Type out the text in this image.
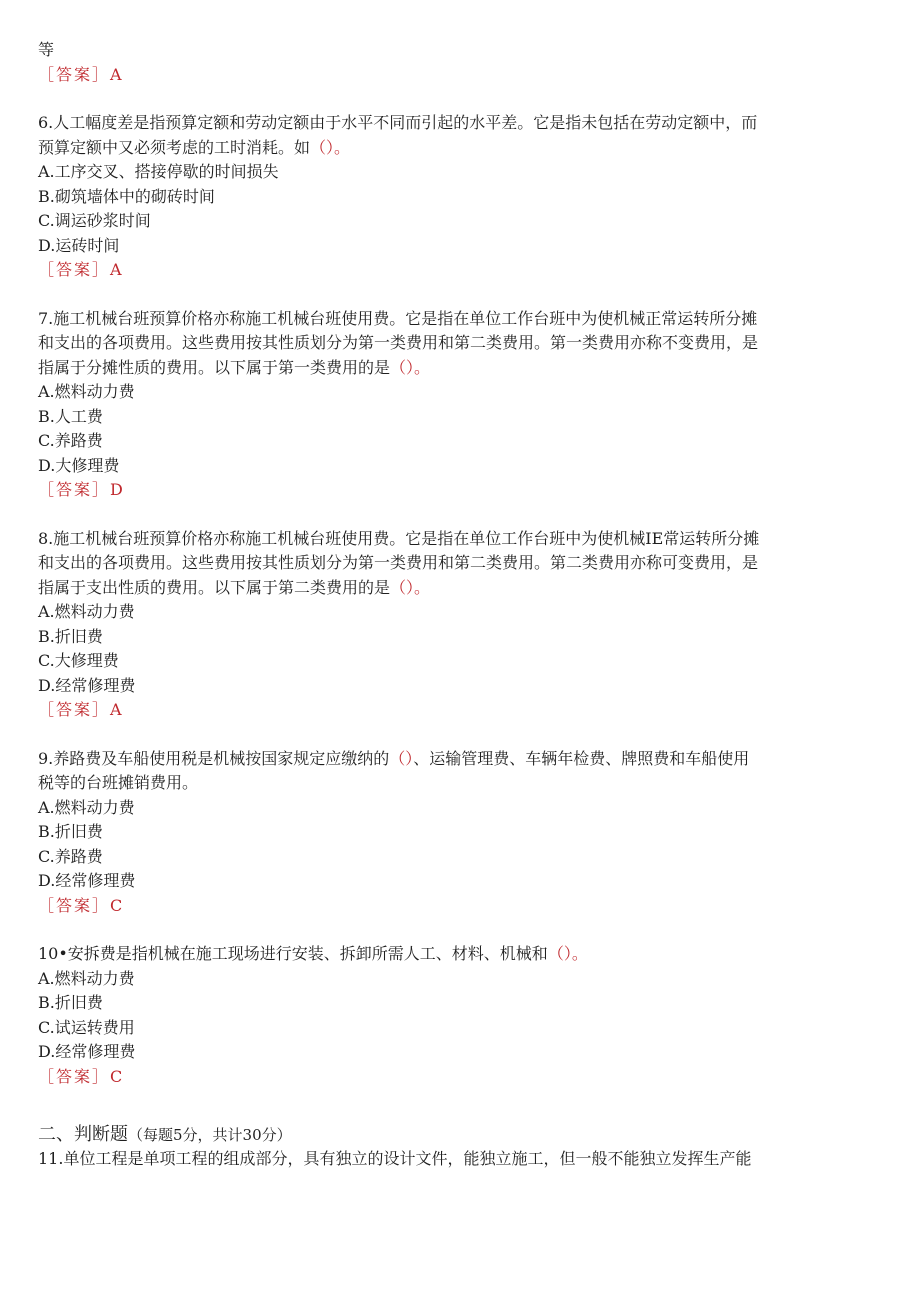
等
［答案］A
6.人工幅度差是指预算定额和劳动定额由于水平不同而引起的水平差。它是指未包括在劳动定额中，而
预算定额中又必须考虑的工时消耗。如（）。
A.工序交叉、搭接停歇的时间损失
B.砌筑墙体中的砌砖时间
C.调运砂浆时间
D.运砖时间
［答案］A
7.施工机械台班预算价格亦称施工机械台班使用费。它是指在单位工作台班中为使机械正常运转所分摊
和支出的各项费用。这些费用按其性质划分为第一类费用和第二类费用。第一类费用亦称不变费用，是
指属于分摊性质的费用。以下属于第一类费用的是（）。
A.燃料动力费
B.人工费
C.养路费
D.大修理费
［答案］D
8.施工机械台班预算价格亦称施工机械台班使用费。它是指在单位工作台班中为使机械IE常运转所分摊
和支出的各项费用。这些费用按其性质划分为第一类费用和第二类费用。第二类费用亦称可变费用，是
指属于支出性质的费用。以下属于第二类费用的是（）。
A.燃料动力费
B.折旧费
C.大修理费
D.经常修理费
［答案］A
9.养路费及车船使用税是机械按国家规定应缴纳的（）、运输管理费、车辆年检费、牌照费和车船使用
税等的台班摊销费用。
A.燃料动力费
B.折旧费
C.养路费
D.经常修理费
［答案］C
10•安拆费是指机械在施工现场进行安装、拆卸所需人工、材料、机械和（）。
A.燃料动力费
B.折旧费
C.试运转费用
D.经常修理费
［答案］C
二、判断题（每题5分，共计30分）
11.单位工程是单项工程的组成部分，具有独立的设计文件，能独立施工，但一般不能独立发挥生产能
